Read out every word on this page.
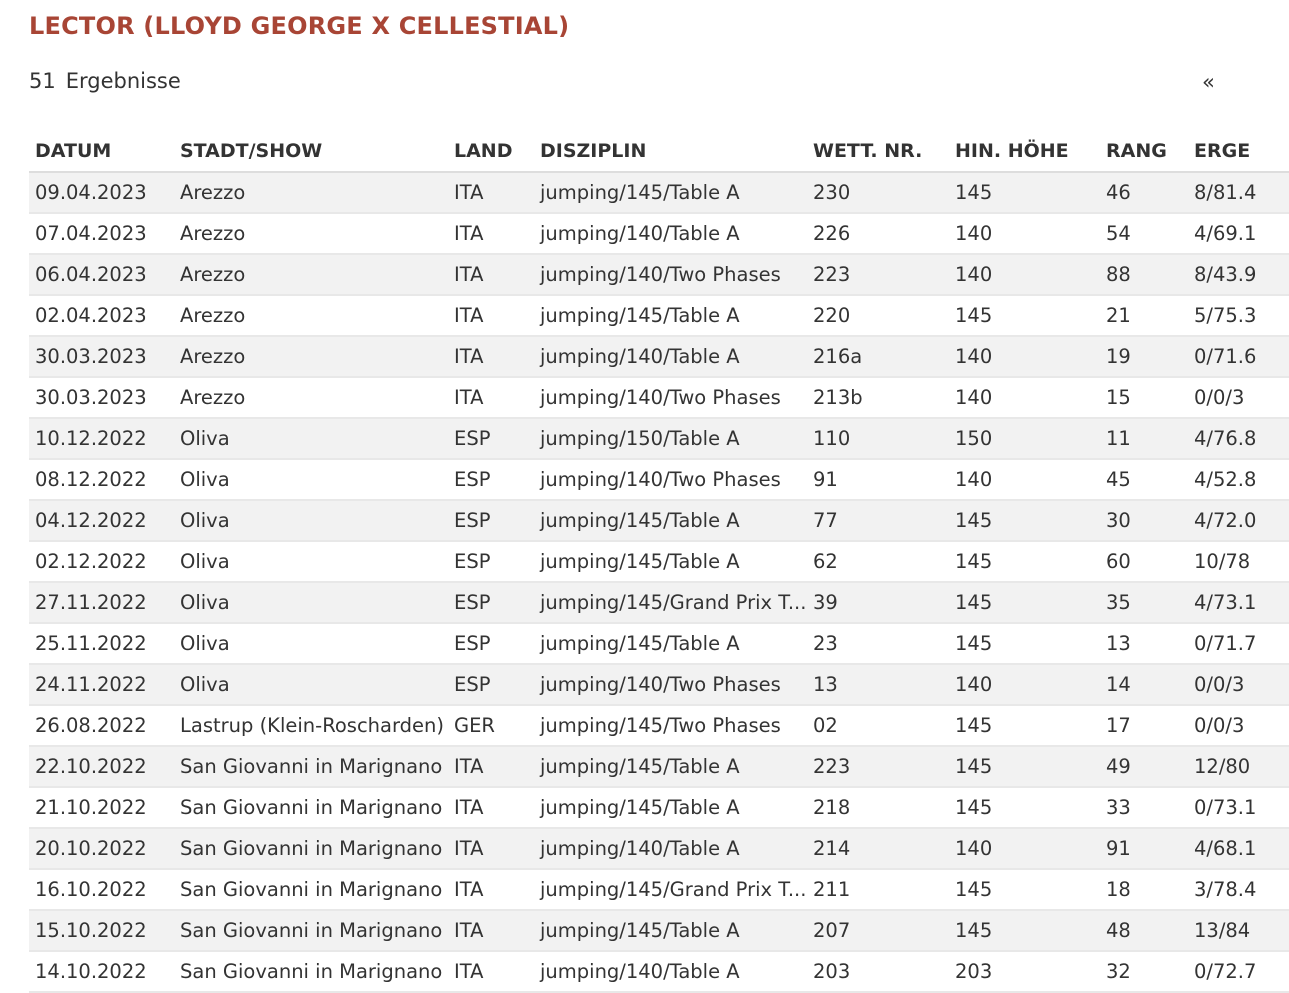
LECTOR (LLOYD GEORGE X CELLESTIAL)
51 Ergebnisse	«
DATUM	STADT/SHOW	LAND	DISZIPLIN	WETT. NR.	HIN. HÖHE	RANG	ERGE
09.04.2023	Arezzo	ITA	jumping/145/Table A	230	145	46	8/81.4
07.04.2023	Arezzo	ITA	jumping/140/Table A	226	140	54	4/69.1
06.04.2023	Arezzo	ITA	jumping/140/Two Phases	223	140	88	8/43.9
02.04.2023	Arezzo	ITA	jumping/145/Table A	220	145	21	5/75.3
30.03.2023	Arezzo	ITA	jumping/140/Table A	216a	140	19	0/71.6
30.03.2023	Arezzo	ITA	jumping/140/Two Phases	213b	140	15	0/0/3
10.12.2022	Oliva	ESP	jumping/150/Table A	110	150	11	4/76.8
08.12.2022	Oliva	ESP	jumping/140/Two Phases	91	140	45	4/52.8
04.12.2022	Oliva	ESP	jumping/145/Table A	77	145	30	4/72.0
02.12.2022	Oliva	ESP	jumping/145/Table A	62	145	60	10/78
27.11.2022	Oliva	ESP	jumping/145/Grand Prix T...	39	145	35	4/73.1
25.11.2022	Oliva	ESP	jumping/145/Table A	23	145	13	0/71.7
24.11.2022	Oliva	ESP	jumping/140/Two Phases	13	140	14	0/0/3
26.08.2022	Lastrup (Klein-Roscharden)	GER	jumping/145/Two Phases	02	145	17	0/0/3
22.10.2022	San Giovanni in Marignano	ITA	jumping/145/Table A	223	145	49	12/80
21.10.2022	San Giovanni in Marignano	ITA	jumping/145/Table A	218	145	33	0/73.1
20.10.2022	San Giovanni in Marignano	ITA	jumping/140/Table A	214	140	91	4/68.1
16.10.2022	San Giovanni in Marignano	ITA	jumping/145/Grand Prix T...	211	145	18	3/78.4
15.10.2022	San Giovanni in Marignano	ITA	jumping/145/Table A	207	145	48	13/84
14.10.2022	San Giovanni in Marignano	ITA	jumping/140/Table A	203	203	32	0/72.7
